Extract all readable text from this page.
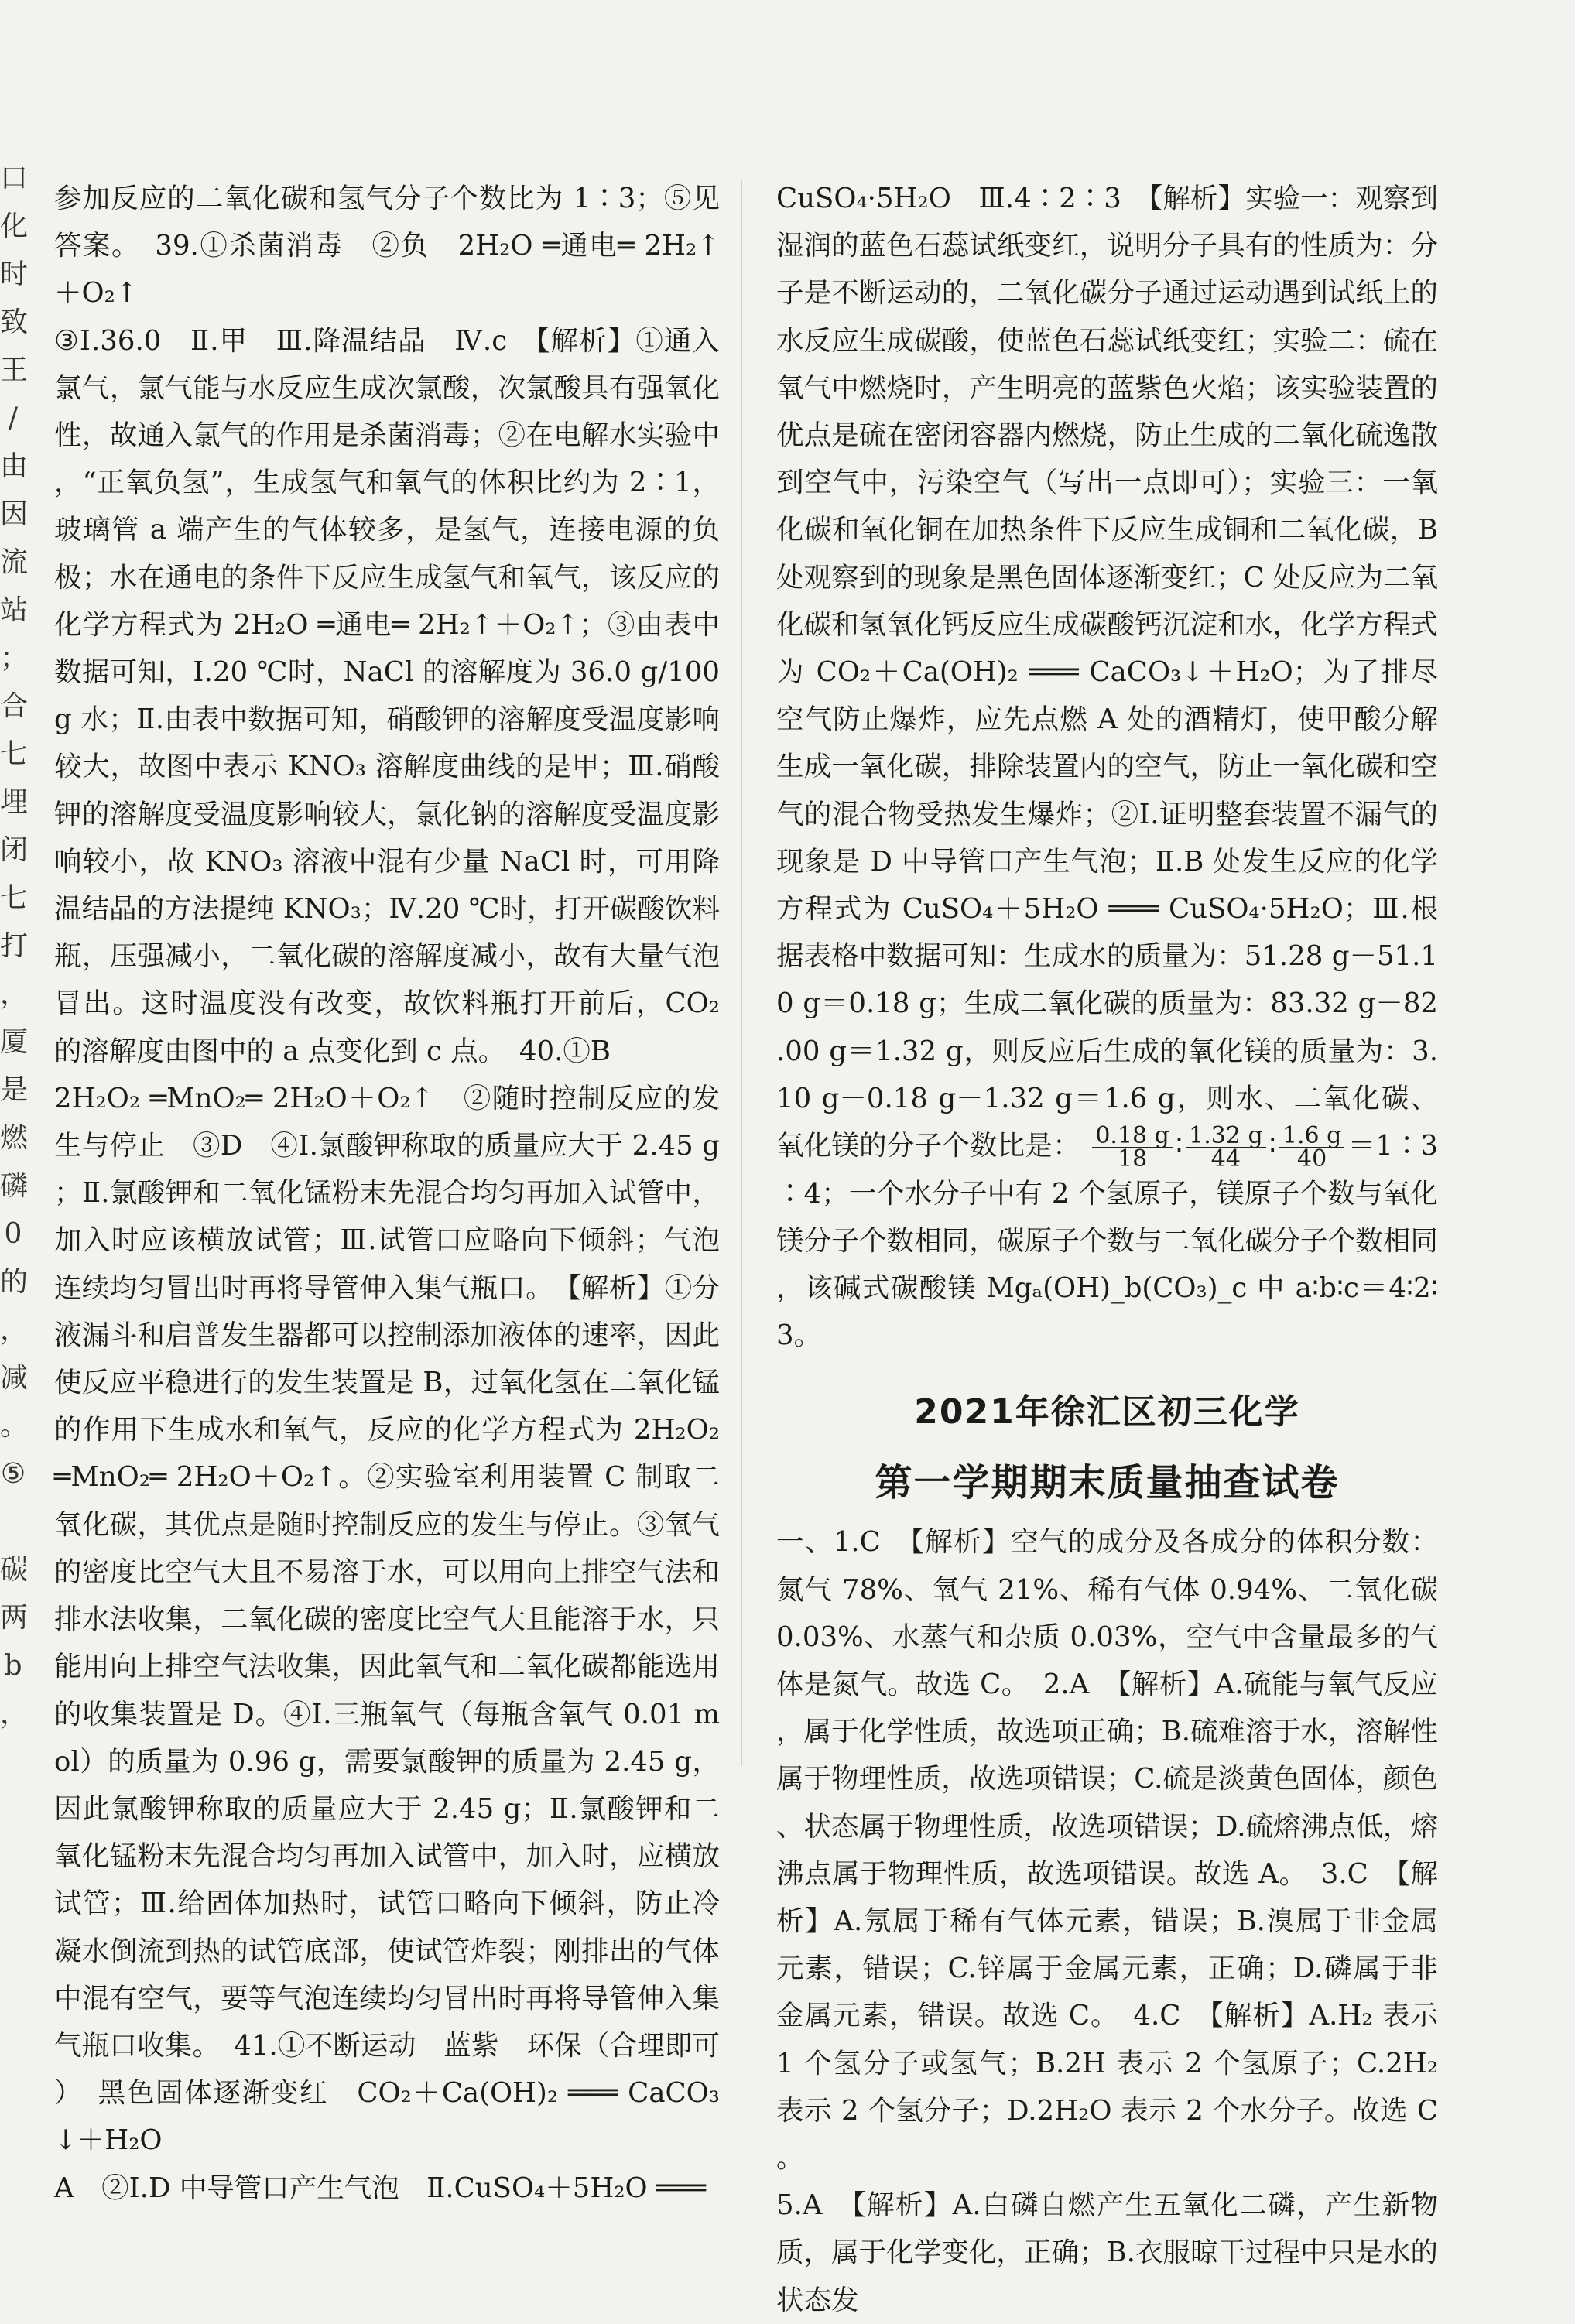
口
化
时
致
王
/
由
因
流
站
；
合
七
埋
闭
七
打
，
厦
是
燃
磷
0
的
，
减
。
⑤

碳
两
b
，

参加反应的二氧化碳和氢气分子个数比为 1∶3；⑤见答案。　39.①杀菌消毒　②负　2H₂O ═通电═ 2H₂↑＋O₂↑

③Ⅰ.36.0　Ⅱ.甲　Ⅲ.降温结晶　Ⅳ.c　【解析】①通入氯气，氯气能与水反应生成次氯酸，次氯酸具有强氧化性，故通入氯气的作用是杀菌消毒；②在电解水实验中，“正氧负氢”，生成氢气和氧气的体积比约为 2∶1，玻璃管 a 端产生的气体较多，是氢气，连接电源的负极；水在通电的条件下反应生成氢气和氧气，该反应的化学方程式为 2H₂O ═通电═ 2H₂↑＋O₂↑；③由表中数据可知，Ⅰ.20 ℃时，NaCl 的溶解度为 36.0 g/100 g 水；Ⅱ.由表中数据可知，硝酸钾的溶解度受温度影响较大，故图中表示 KNO₃ 溶解度曲线的是甲；Ⅲ.硝酸钾的溶解度受温度影响较大，氯化钠的溶解度受温度影响较小，故 KNO₃ 溶液中混有少量 NaCl 时，可用降温结晶的方法提纯 KNO₃；Ⅳ.20 ℃时，打开碳酸饮料瓶，压强减小，二氧化碳的溶解度减小，故有大量气泡冒出。这时温度没有改变，故饮料瓶打开前后，CO₂ 的溶解度由图中的 a 点变化到 c 点。　40.①B

2H₂O₂ ═MnO₂═ 2H₂O＋O₂↑　②随时控制反应的发生与停止　③D　④Ⅰ.氯酸钾称取的质量应大于 2.45 g；Ⅱ.氯酸钾和二氧化锰粉末先混合均匀再加入试管中，加入时应该横放试管；Ⅲ.试管口应略向下倾斜；气泡连续均匀冒出时再将导管伸入集气瓶口。　【解析】①分液漏斗和启普发生器都可以控制添加液体的速率，因此使反应平稳进行的发生装置是 B，过氧化氢在二氧化锰的作用下生成水和氧气，反应的化学方程式为 2H₂O₂ ═MnO₂═ 2H₂O＋O₂↑。②实验室利用装置 C 制取二氧化碳，其优点是随时控制反应的发生与停止。③氧气的密度比空气大且不易溶于水，可以用向上排空气法和排水法收集，二氧化碳的密度比空气大且能溶于水，只能用向上排空气法收集，因此氧气和二氧化碳都能选用的收集装置是 D。④Ⅰ.三瓶氧气（每瓶含氧气 0.01 mol）的质量为 0.96 g，需要氯酸钾的质量为 2.45 g，因此氯酸钾称取的质量应大于 2.45 g；Ⅱ.氯酸钾和二氧化锰粉末先混合均匀再加入试管中，加入时，应横放试管；Ⅲ.给固体加热时，试管口略向下倾斜，防止冷凝水倒流到热的试管底部，使试管炸裂；刚排出的气体中混有空气，要等气泡连续均匀冒出时再将导管伸入集气瓶口收集。　41.①不断运动　蓝紫　环保（合理即可）　黑色固体逐渐变红　CO₂＋Ca(OH)₂ ═══ CaCO₃↓＋H₂O

A　②Ⅰ.D 中导管口产生气泡　Ⅱ.CuSO₄＋5H₂O ═══

CuSO₄·5H₂O　Ⅲ.4∶2∶3　【解析】实验一：观察到湿润的蓝色石蕊试纸变红，说明分子具有的性质为：分子是不断运动的，二氧化碳分子通过运动遇到试纸上的水反应生成碳酸，使蓝色石蕊试纸变红；实验二：硫在氧气中燃烧时，产生明亮的蓝紫色火焰；该实验装置的优点是硫在密闭容器内燃烧，防止生成的二氧化硫逸散到空气中，污染空气（写出一点即可）；实验三：一氧化碳和氧化铜在加热条件下反应生成铜和二氧化碳，B 处观察到的现象是黑色固体逐渐变红；C 处反应为二氧化碳和氢氧化钙反应生成碳酸钙沉淀和水，化学方程式为 CO₂＋Ca(OH)₂ ═══ CaCO₃↓＋H₂O；为了排尽空气防止爆炸，应先点燃 A 处的酒精灯，使甲酸分解生成一氧化碳，排除装置内的空气，防止一氧化碳和空气的混合物受热发生爆炸；②Ⅰ.证明整套装置不漏气的现象是 D 中导管口产生气泡；Ⅱ.B 处发生反应的化学方程式为 CuSO₄＋5H₂O ═══ CuSO₄·5H₂O；Ⅲ.根据表格中数据可知：生成水的质量为：51.28 g－51.10 g＝0.18 g；生成二氧化碳的质量为：83.32 g－82.00 g＝1.32 g，则反应后生成的氧化镁的质量为：3.10 g－0.18 g－1.32 g＝1.6 g，则水、二氧化碳、氧化镁的分子个数比是： $\frac{0.18 g}{18}$ ∶ $\frac{1.32 g}{44}$ ∶ $\frac{1.6 g}{40}$ ＝1∶3∶4；一个水分子中有 2 个氢原子，镁原子个数与氧化镁分子个数相同，碳原子个数与二氧化碳分子个数相同，该碱式碳酸镁 Mgₐ(OH)_b(CO₃)_c 中 a∶b∶c＝4∶2∶3。

2021年徐汇区初三化学
第一学期期末质量抽查试卷

一、1.C　【解析】空气的成分及各成分的体积分数：氮气 78%、氧气 21%、稀有气体 0.94%、二氧化碳 0.03%、水蒸气和杂质 0.03%，空气中含量最多的气体是氮气。故选 C。　2.A　【解析】A.硫能与氧气反应，属于化学性质，故选项正确；B.硫难溶于水，溶解性属于物理性质，故选项错误；C.硫是淡黄色固体，颜色、状态属于物理性质，故选项错误；D.硫熔沸点低，熔沸点属于物理性质，故选项错误。故选 A。　3.C　【解析】A.氖属于稀有气体元素，错误；B.溴属于非金属元素，错误；C.锌属于金属元素，正确；D.磷属于非金属元素，错误。故选 C。　4.C　【解析】A.H₂ 表示 1 个氢分子或氢气；B.2H 表示 2 个氢原子；C.2H₂ 表示 2 个氢分子；D.2H₂O 表示 2 个水分子。故选 C。

5.A　【解析】A.白磷自燃产生五氧化二磷，产生新物质，属于化学变化，正确；B.衣服晾干过程中只是水的状态发
